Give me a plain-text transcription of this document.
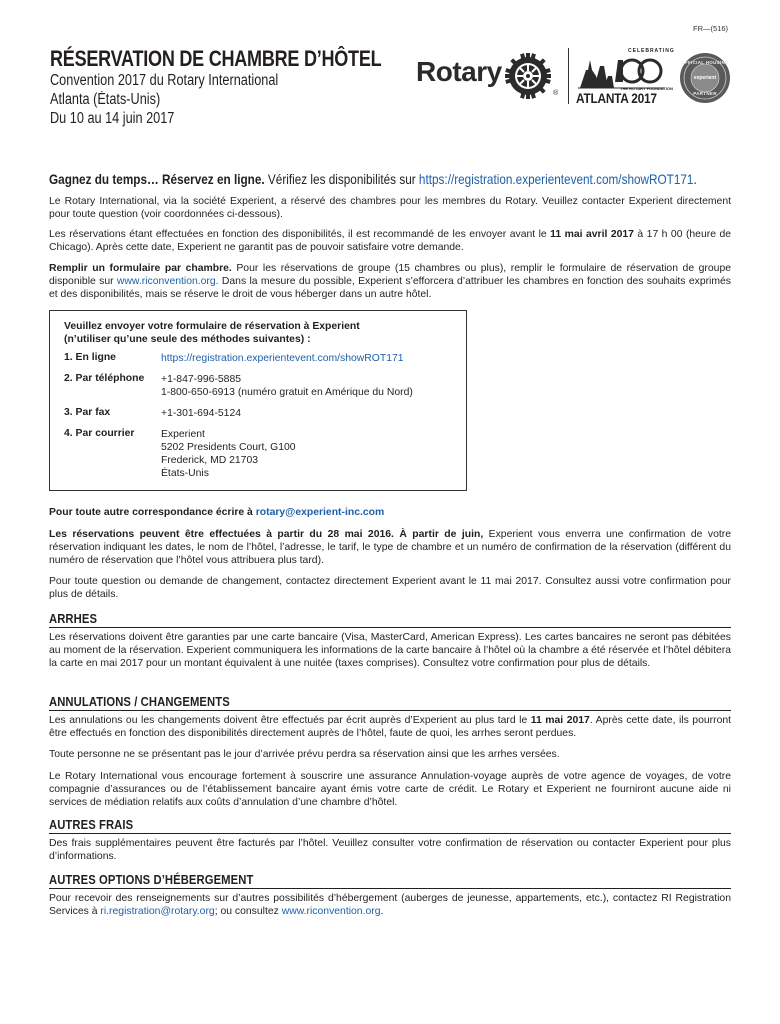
FR—(516)
RÉSERVATION DE CHAMBRE D’HÔTEL
Convention 2017 du Rotary International
Atlanta (États-Unis)
Du 10 au 14 juin 2017
Rotary
®
CELEBRATING
THE ROTARY FOUNDATION
ATLANTA 2017
OFFICIAL HOUSING
experient
PARTNER
Gagnez du temps… Réservez en ligne. Vérifiez les disponibilités sur https://registration.experientevent.com/showROT171.
Le Rotary International, via la société Experient, a réservé des chambres pour les membres du Rotary. Veuillez contacter Experient directement pour toute question (voir coordonnées ci-dessous).
Les réservations étant effectuées en fonction des disponibilités, il est recommandé de les envoyer avant le 11 mai avril 2017 à 17 h 00 (heure de Chicago). Après cette date, Experient ne garantit pas de pouvoir satisfaire votre demande.
Remplir un formulaire par chambre. Pour les réservations de groupe (15 chambres ou plus), remplir le formulaire de réservation de groupe disponible sur www.riconvention.org. Dans la mesure du possible, Experient s’efforcera d’attribuer les chambres en fonction des souhaits exprimés et des disponibilités, mais se réserve le droit de vous héberger dans un autre hôtel.
Veuillez envoyer votre formulaire de réservation à Experient
(n’utiliser qu’une seule des méthodes suivantes) :
1. En ligne	https://registration.experientevent.com/showROT171
2. Par téléphone +1-847-996-5885
1-800-650-6913 (numéro gratuit en Amérique du Nord)
3. Par fax	+1-301-694-5124
4. Par courrier	Experient
5202 Presidents Court, G100
Frederick, MD 21703
États-Unis
Pour toute autre correspondance écrire à rotary@experient-inc.com
Les réservations peuvent être effectuées à partir du 28 mai 2016. À partir de juin, Experient vous enverra une confirmation de votre réservation indiquant les dates, le nom de l’hôtel, l’adresse, le tarif, le type de chambre et un numéro de confirmation de la réservation (différent du numéro de réservation que l’hôtel vous attribuera plus tard).
Pour toute question ou demande de changement, contactez directement Experient avant le 11 mai 2017. Consultez aussi votre confirmation pour plus de détails.
ARRHES
Les réservations doivent être garanties par une carte bancaire (Visa, MasterCard, American Express). Les cartes bancaires ne seront pas débitées au moment de la réservation. Experient communiquera les informations de la carte bancaire à l’hôtel où la chambre a été réservée et l’hôtel débitera la carte en mai 2017 pour un montant équivalent à une nuitée (taxes comprises). Consultez votre confirmation pour plus de détails.
ANNULATIONS / CHANGEMENTS
Les annulations ou les changements doivent être effectués par écrit auprès d’Experient au plus tard le 11 mai 2017. Après cette date, ils pourront être effectués en fonction des disponibilités directement auprès de l’hôtel, faute de quoi, les arrhes seront perdues.
Toute personne ne se présentant pas le jour d’arrivée prévu perdra sa réservation ainsi que les arrhes versées.
Le Rotary International vous encourage fortement à souscrire une assurance Annulation-voyage auprès de votre agence de voyages, de votre compagnie d’assurances ou de l’établissement bancaire ayant émis votre carte de crédit. Le Rotary et Experient ne fourniront aucune aide ni services de médiation relatifs aux coûts d’annulation d’une chambre d’hôtel.
AUTRES FRAIS
Des frais supplémentaires peuvent être facturés par l’hôtel. Veuillez consulter votre confirmation de réservation ou contacter Experient pour plus d’informations.
AUTRES OPTIONS D’HÉBERGEMENT
Pour recevoir des renseignements sur d’autres possibilités d’hébergement (auberges de jeunesse, appartements, etc.), contactez RI Registration Services à ri.registration@rotary.org; ou consultez www.riconvention.org.
